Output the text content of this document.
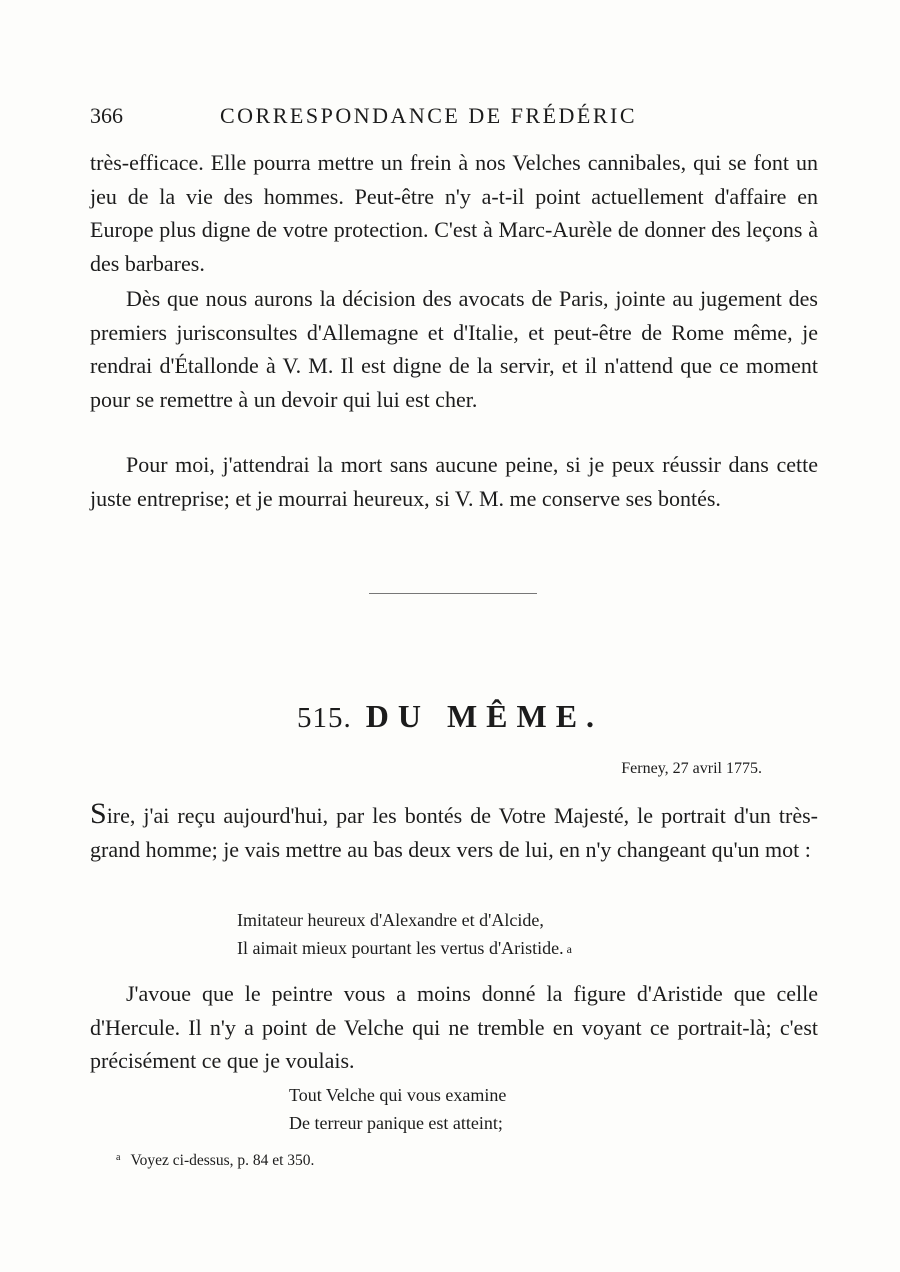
366	CORRESPONDANCE DE FRÉDÉRIC

très-efficace. Elle pourra mettre un frein à nos Velches cannibales, qui se font un jeu de la vie des hommes. Peut-être n'y a-t-il point actuellement d'affaire en Europe plus digne de votre protection. C'est à Marc-Aurèle de donner des leçons à des barbares.

Dès que nous aurons la décision des avocats de Paris, jointe au jugement des premiers jurisconsultes d'Allemagne et d'Italie, et peut-être de Rome même, je rendrai d'Étallonde à V. M. Il est digne de la servir, et il n'attend que ce moment pour se remettre à un devoir qui lui est cher.

Pour moi, j'attendrai la mort sans aucune peine, si je peux réussir dans cette juste entreprise; et je mourrai heureux, si V. M. me conserve ses bontés.

515. DU MÊME.
Ferney, 27 avril 1775.

Sire, j'ai reçu aujourd'hui, par les bontés de Votre Majesté, le portrait d'un très-grand homme; je vais mettre au bas deux vers de lui, en n'y changeant qu'un mot :

Imitateur heureux d'Alexandre et d'Alcide,
Il aimait mieux pourtant les vertus d'Aristide. a

J'avoue que le peintre vous a moins donné la figure d'Aristide que celle d'Hercule. Il n'y a point de Velche qui ne tremble en voyant ce portrait-là; c'est précisément ce que je voulais.

Tout Velche qui vous examine
De terreur panique est atteint;
$^a$ Voyez ci-dessus, p. 84 et 350.
